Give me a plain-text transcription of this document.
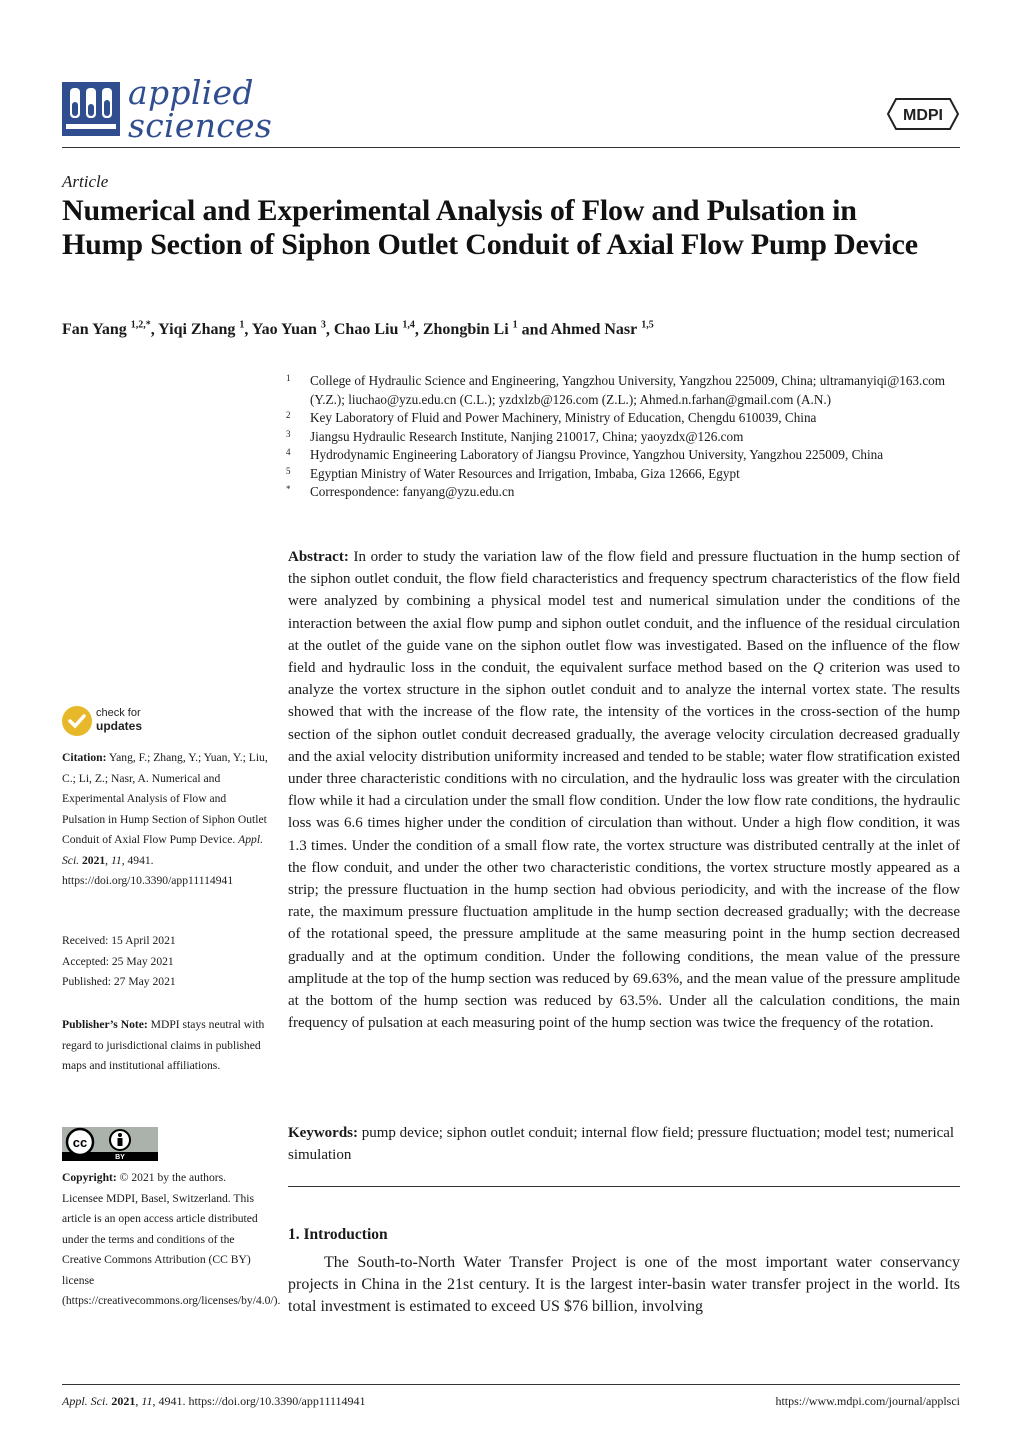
applied
sciences	MDPI
Article
Numerical and Experimental Analysis of Flow and Pulsation in Hump Section of Siphon Outlet Conduit of Axial Flow Pump Device
Fan Yang $^{1,2,*}$, Yiqi Zhang $^1$, Yao Yuan $^3$, Chao Liu $^{1,4}$, Zhongbin Li $^1$ and Ahmed Nasr $^{1,5}$
1	College of Hydraulic Science and Engineering, Yangzhou University, Yangzhou 225009, China; ultramanyiqi@163.com (Y.Z.); liuchao@yzu.edu.cn (C.L.); yzdxlzb@126.com (Z.L.); Ahmed.n.farhan@gmail.com (A.N.)
2	Key Laboratory of Fluid and Power Machinery, Ministry of Education, Chengdu 610039, China
3	Jiangsu Hydraulic Research Institute, Nanjing 210017, China; yaoyzdx@126.com
4	Hydrodynamic Engineering Laboratory of Jiangsu Province, Yangzhou University, Yangzhou 225009, China
5	Egyptian Ministry of Water Resources and Irrigation, Imbaba, Giza 12666, Egypt
*	Correspondence: fanyang@yzu.edu.cn
Abstract: In order to study the variation law of the flow field and pressure fluctuation in the hump section of the siphon outlet conduit, the flow field characteristics and frequency spectrum characteristics of the flow field were analyzed by combining a physical model test and numerical simulation under the conditions of the interaction between the axial flow pump and siphon outlet conduit, and the influence of the residual circulation at the outlet of the guide vane on the siphon outlet flow was investigated. Based on the influence of the flow field and hydraulic loss in the conduit, the equivalent surface method based on the Q criterion was used to analyze the vortex structure in the siphon outlet conduit and to analyze the internal vortex state. The results showed that with the increase of the flow rate, the intensity of the vortices in the cross-section of the hump section of the siphon outlet conduit decreased gradually, the average velocity circulation decreased gradually and the axial velocity distribution uniformity increased and tended to be stable; water flow stratification existed under three characteristic conditions with no circulation, and the hydraulic loss was greater with the circulation flow while it had a circulation under the small flow condition. Under the low flow rate conditions, the hydraulic loss was 6.6 times higher under the condition of circulation than without. Under a high flow condition, it was 1.3 times. Under the condition of a small flow rate, the vortex structure was distributed centrally at the inlet of the flow conduit, and under the other two characteristic conditions, the vortex structure mostly appeared as a strip; the pressure fluctuation in the hump section had obvious periodicity, and with the increase of the flow rate, the maximum pressure fluctuation amplitude in the hump section decreased gradually; with the decrease of the rotational speed, the pressure amplitude at the same measuring point in the hump section decreased gradually and at the optimum condition. Under the following conditions, the mean value of the pressure amplitude at the top of the hump section was reduced by 69.63%, and the mean value of the pressure amplitude at the bottom of the hump section was reduced by 63.5%. Under all the calculation conditions, the main frequency of pulsation at each measuring point of the hump section was twice the frequency of the rotation.
Keywords: pump device; siphon outlet conduit; internal flow field; pressure fluctuation; model test; numerical simulation
1. Introduction
The South-to-North Water Transfer Project is one of the most important water conservancy projects in China in the 21st century. It is the largest inter-basin water transfer project in the world. Its total investment is estimated to exceed US $76 billion, involving
check for
updates
Citation: Yang, F.; Zhang, Y.; Yuan, Y.; Liu, C.; Li, Z.; Nasr, A. Numerical and Experimental Analysis of Flow and Pulsation in Hump Section of Siphon Outlet Conduit of Axial Flow Pump Device. Appl. Sci. 2021, 11, 4941. https://doi.org/10.3390/app11114941
Received: 15 April 2021
Accepted: 25 May 2021
Published: 27 May 2021
Publisher’s Note: MDPI stays neutral with regard to jurisdictional claims in published maps and institutional affiliations.
cc
BY
Copyright: © 2021 by the authors. Licensee MDPI, Basel, Switzerland. This article is an open access article distributed under the terms and conditions of the Creative Commons Attribution (CC BY) license (https://creativecommons.org/licenses/by/4.0/).
Appl. Sci. 2021, 11, 4941. https://doi.org/10.3390/app11114941	https://www.mdpi.com/journal/applsci
